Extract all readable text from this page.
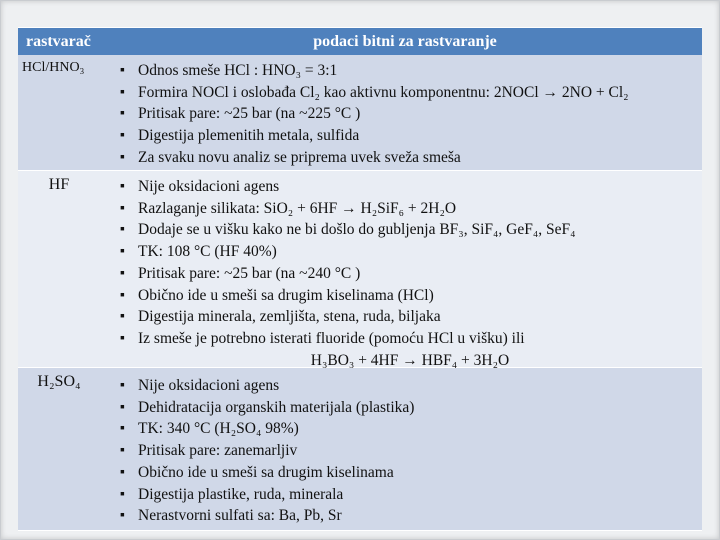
rastvarač	podaci bitni za rastvaranje
HCl/HNO₃	▪ Odnos smeše HCl : HNO₃ = 3:1
▪ Formira NOCl i oslobađa Cl₂ kao aktivnu komponentnu: 2NOCl → 2NO + Cl₂
▪ Pritisak pare: ~25 bar (na ~225 °C )
▪ Digestija plemenitih metala, sulfida
▪ Za svaku novu analiz se priprema uvek sveža smeša
HF	▪ Nije oksidacioni agens
▪ Razlaganje silikata: SiO₂ + 6HF → H₂SiF₆ + 2H₂O
▪ Dodaje se u višku kako ne bi došlo do gubljenja BF₃, SiF₄, GeF₄, SeF₄
▪ TK: 108 °C (HF 40%)
▪ Pritisak pare: ~25 bar (na ~240 °C )
▪ Obično ide u smeši sa drugim kiselinama (HCl)
▪ Digestija minerala, zemljišta, stena, ruda, biljaka
▪ Iz smeše je potrebno isterati fluoride (pomoću HCl u višku) ili
H₃BO₃ + 4HF → HBF₄ + 3H₂O
H₂SO₄	▪ Nije oksidacioni agens
▪ Dehidratacija organskih materijala (plastika)
▪ TK: 340 °C (H₂SO₄ 98%)
▪ Pritisak pare: zanemarljiv
▪ Obično ide u smeši sa drugim kiselinama
▪ Digestija plastike, ruda, minerala
▪ Nerastvorni sulfati sa: Ba, Pb, Sr
